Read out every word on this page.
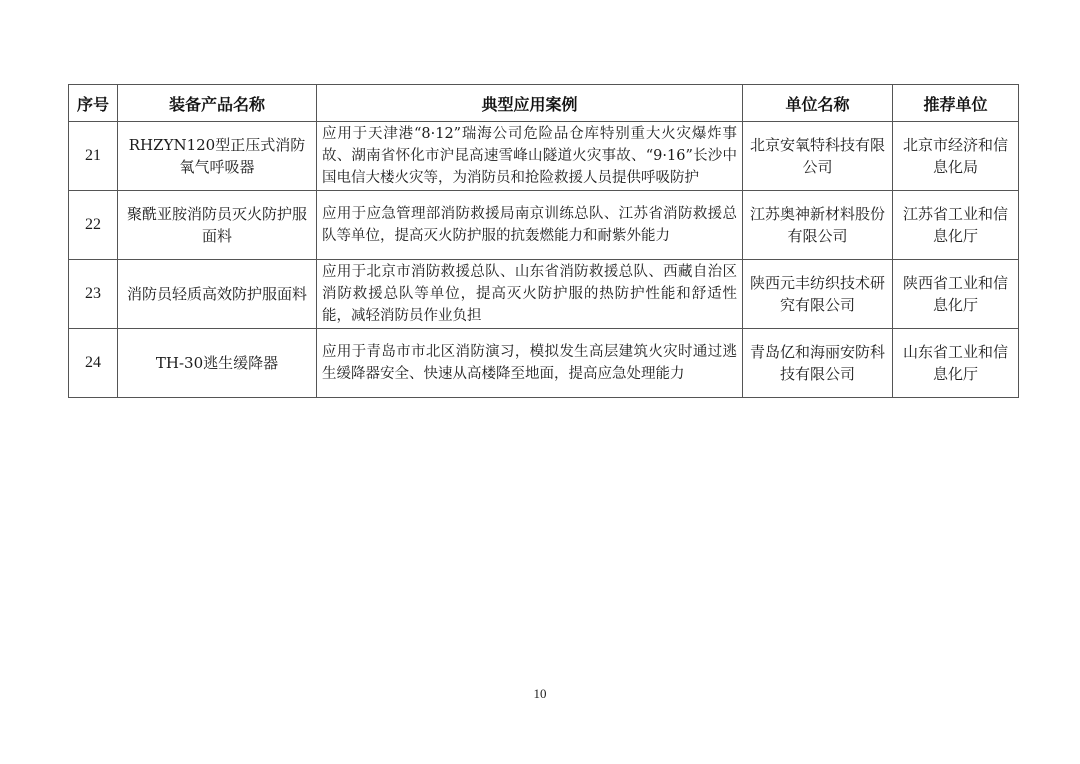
序号	装备产品名称	典型应用案例	单位名称	推荐单位
21	RHZYN120型正压式消防氧气呼吸器	应用于天津港“8·12”瑞海公司危险品仓库特别重大火灾爆炸事故、湖南省怀化市沪昆高速雪峰山隧道火灾事故、“9·16”长沙中国电信大楼火灾等，为消防员和抢险救援人员提供呼吸防护	北京安氧特科技有限公司	北京市经济和信息化局
22	聚酰亚胺消防员灭火防护服面料	应用于应急管理部消防救援局南京训练总队、江苏省消防救援总队等单位，提高灭火防护服的抗轰燃能力和耐紫外能力	江苏奥神新材料股份有限公司	江苏省工业和信息化厅
23	消防员轻质高效防护服面料	应用于北京市消防救援总队、山东省消防救援总队、西藏自治区消防救援总队等单位，提高灭火防护服的热防护性能和舒适性能，减轻消防员作业负担	陕西元丰纺织技术研究有限公司	陕西省工业和信息化厅
24	TH-30逃生缓降器	应用于青岛市市北区消防演习，模拟发生高层建筑火灾时通过逃生缓降器安全、快速从高楼降至地面，提高应急处理能力	青岛亿和海丽安防科技有限公司	山东省工业和信息化厅
10
